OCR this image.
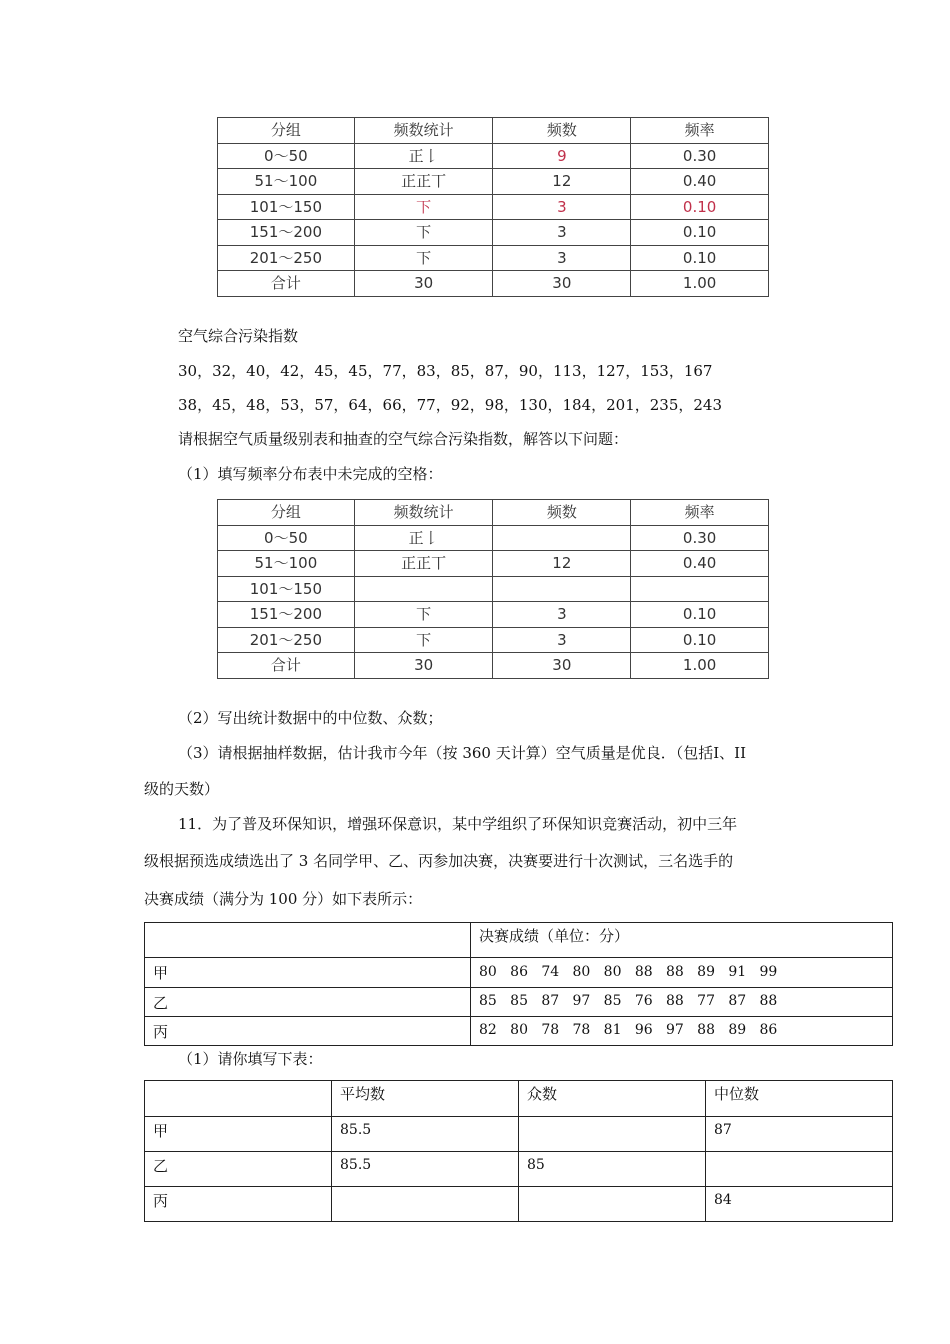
分组	频数统计	频数	频率
0～50	正𠄌	9	0.30
51～100	正正丅	12	0.40
101～150	下	3	0.10
151～200	下	3	0.10
201～250	下	3	0.10
合计	30	30	1.00
空气综合污染指数
30，32，40，42，45，45，77，83，85，87，90，113，127，153，167
38，45，48，53，57，64，66，77，92，98，130，184，201，235，243
请根据空气质量级别表和抽查的空气综合污染指数，解答以下问题：
（1）填写频率分布表中未完成的空格：
分组	频数统计	频数	频率
0～50	正𠄌		0.30
51～100	正正丅	12	0.40
101～150			
151～200	下	3	0.10
201～250	下	3	0.10
合计	30	30	1.00
（2）写出统计数据中的中位数、众数；
（3）请根据抽样数据，估计我市今年（按 360 天计算）空气质量是优良．（包括I、II
级的天数）
11．为了普及环保知识，增强环保意识，某中学组织了环保知识竞赛活动，初中三年
级根据预选成绩选出了 3 名同学甲、乙、丙参加决赛，决赛要进行十次测试，三名选手的
决赛成绩（满分为 100 分）如下表所示：
	决赛成绩（单位：分）
甲	80   86   74   80   80   88   88   89   91   99
乙	85   85   87   97   85   76   88   77   87   88
丙	82   80   78   78   81   96   97   88   89   86
（1）请你填写下表：
	平均数	众数	中位数
甲	85.5		87
乙	85.5	85	
丙			84
